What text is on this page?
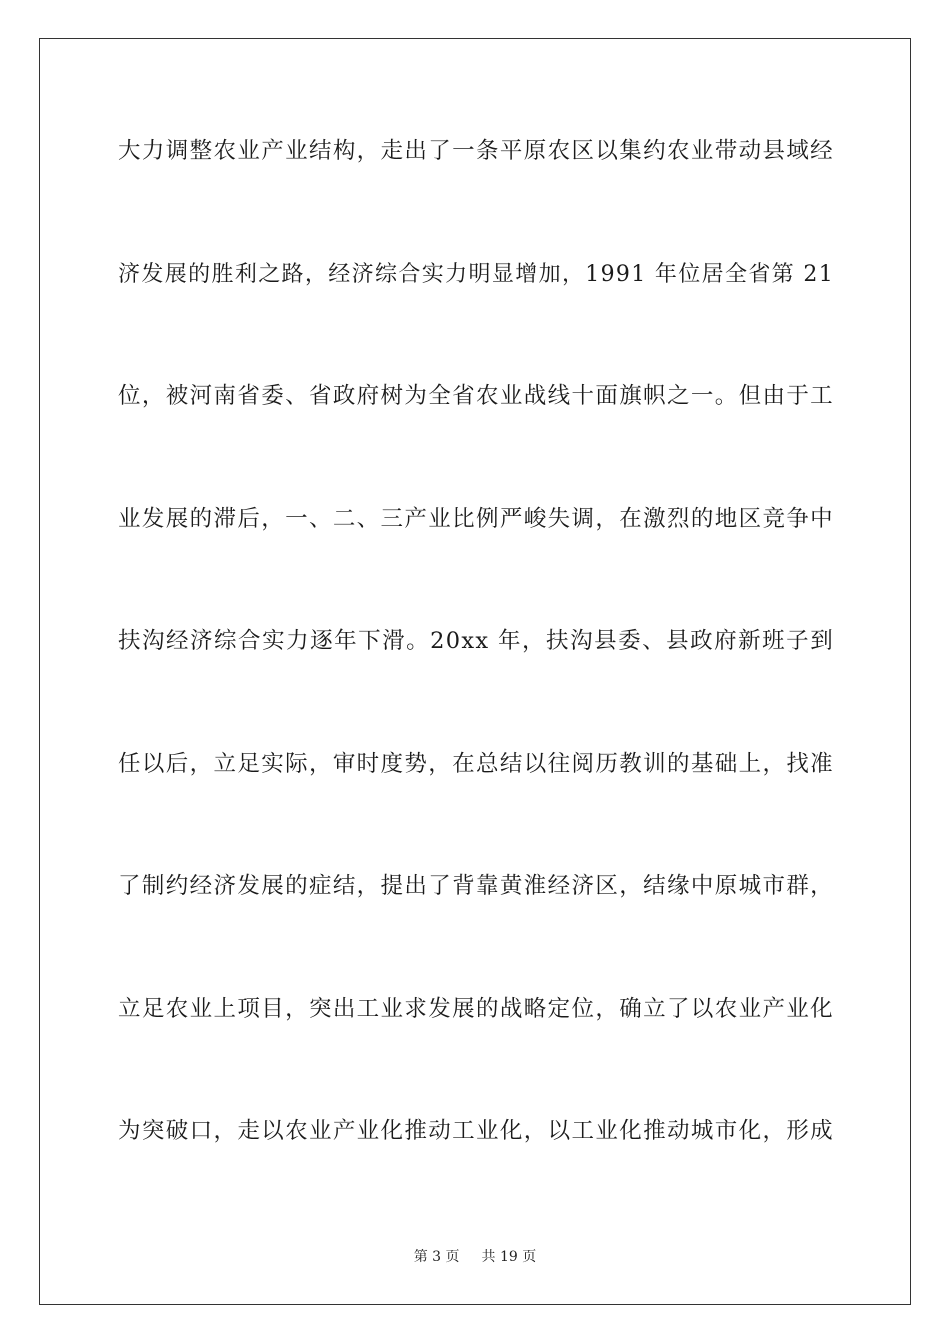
大力调整农业产业结构，走出了一条平原农区以集约农业带动县域经
济发展的胜利之路，经济综合实力明显增加，1991 年位居全省第 21
位，被河南省委、省政府树为全省农业战线十面旗帜之一。但由于工
业发展的滞后，一、二、三产业比例严峻失调，在激烈的地区竞争中
扶沟经济综合实力逐年下滑。20xx 年，扶沟县委、县政府新班子到
任以后，立足实际，审时度势，在总结以往阅历教训的基础上，找准
了制约经济发展的症结，提出了背靠黄淮经济区，结缘中原城市群，
立足农业上项目，突出工业求发展的战略定位，确立了以农业产业化
为突破口，走以农业产业化推动工业化，以工业化推动城市化，形成
第 3 页 共 19 页
